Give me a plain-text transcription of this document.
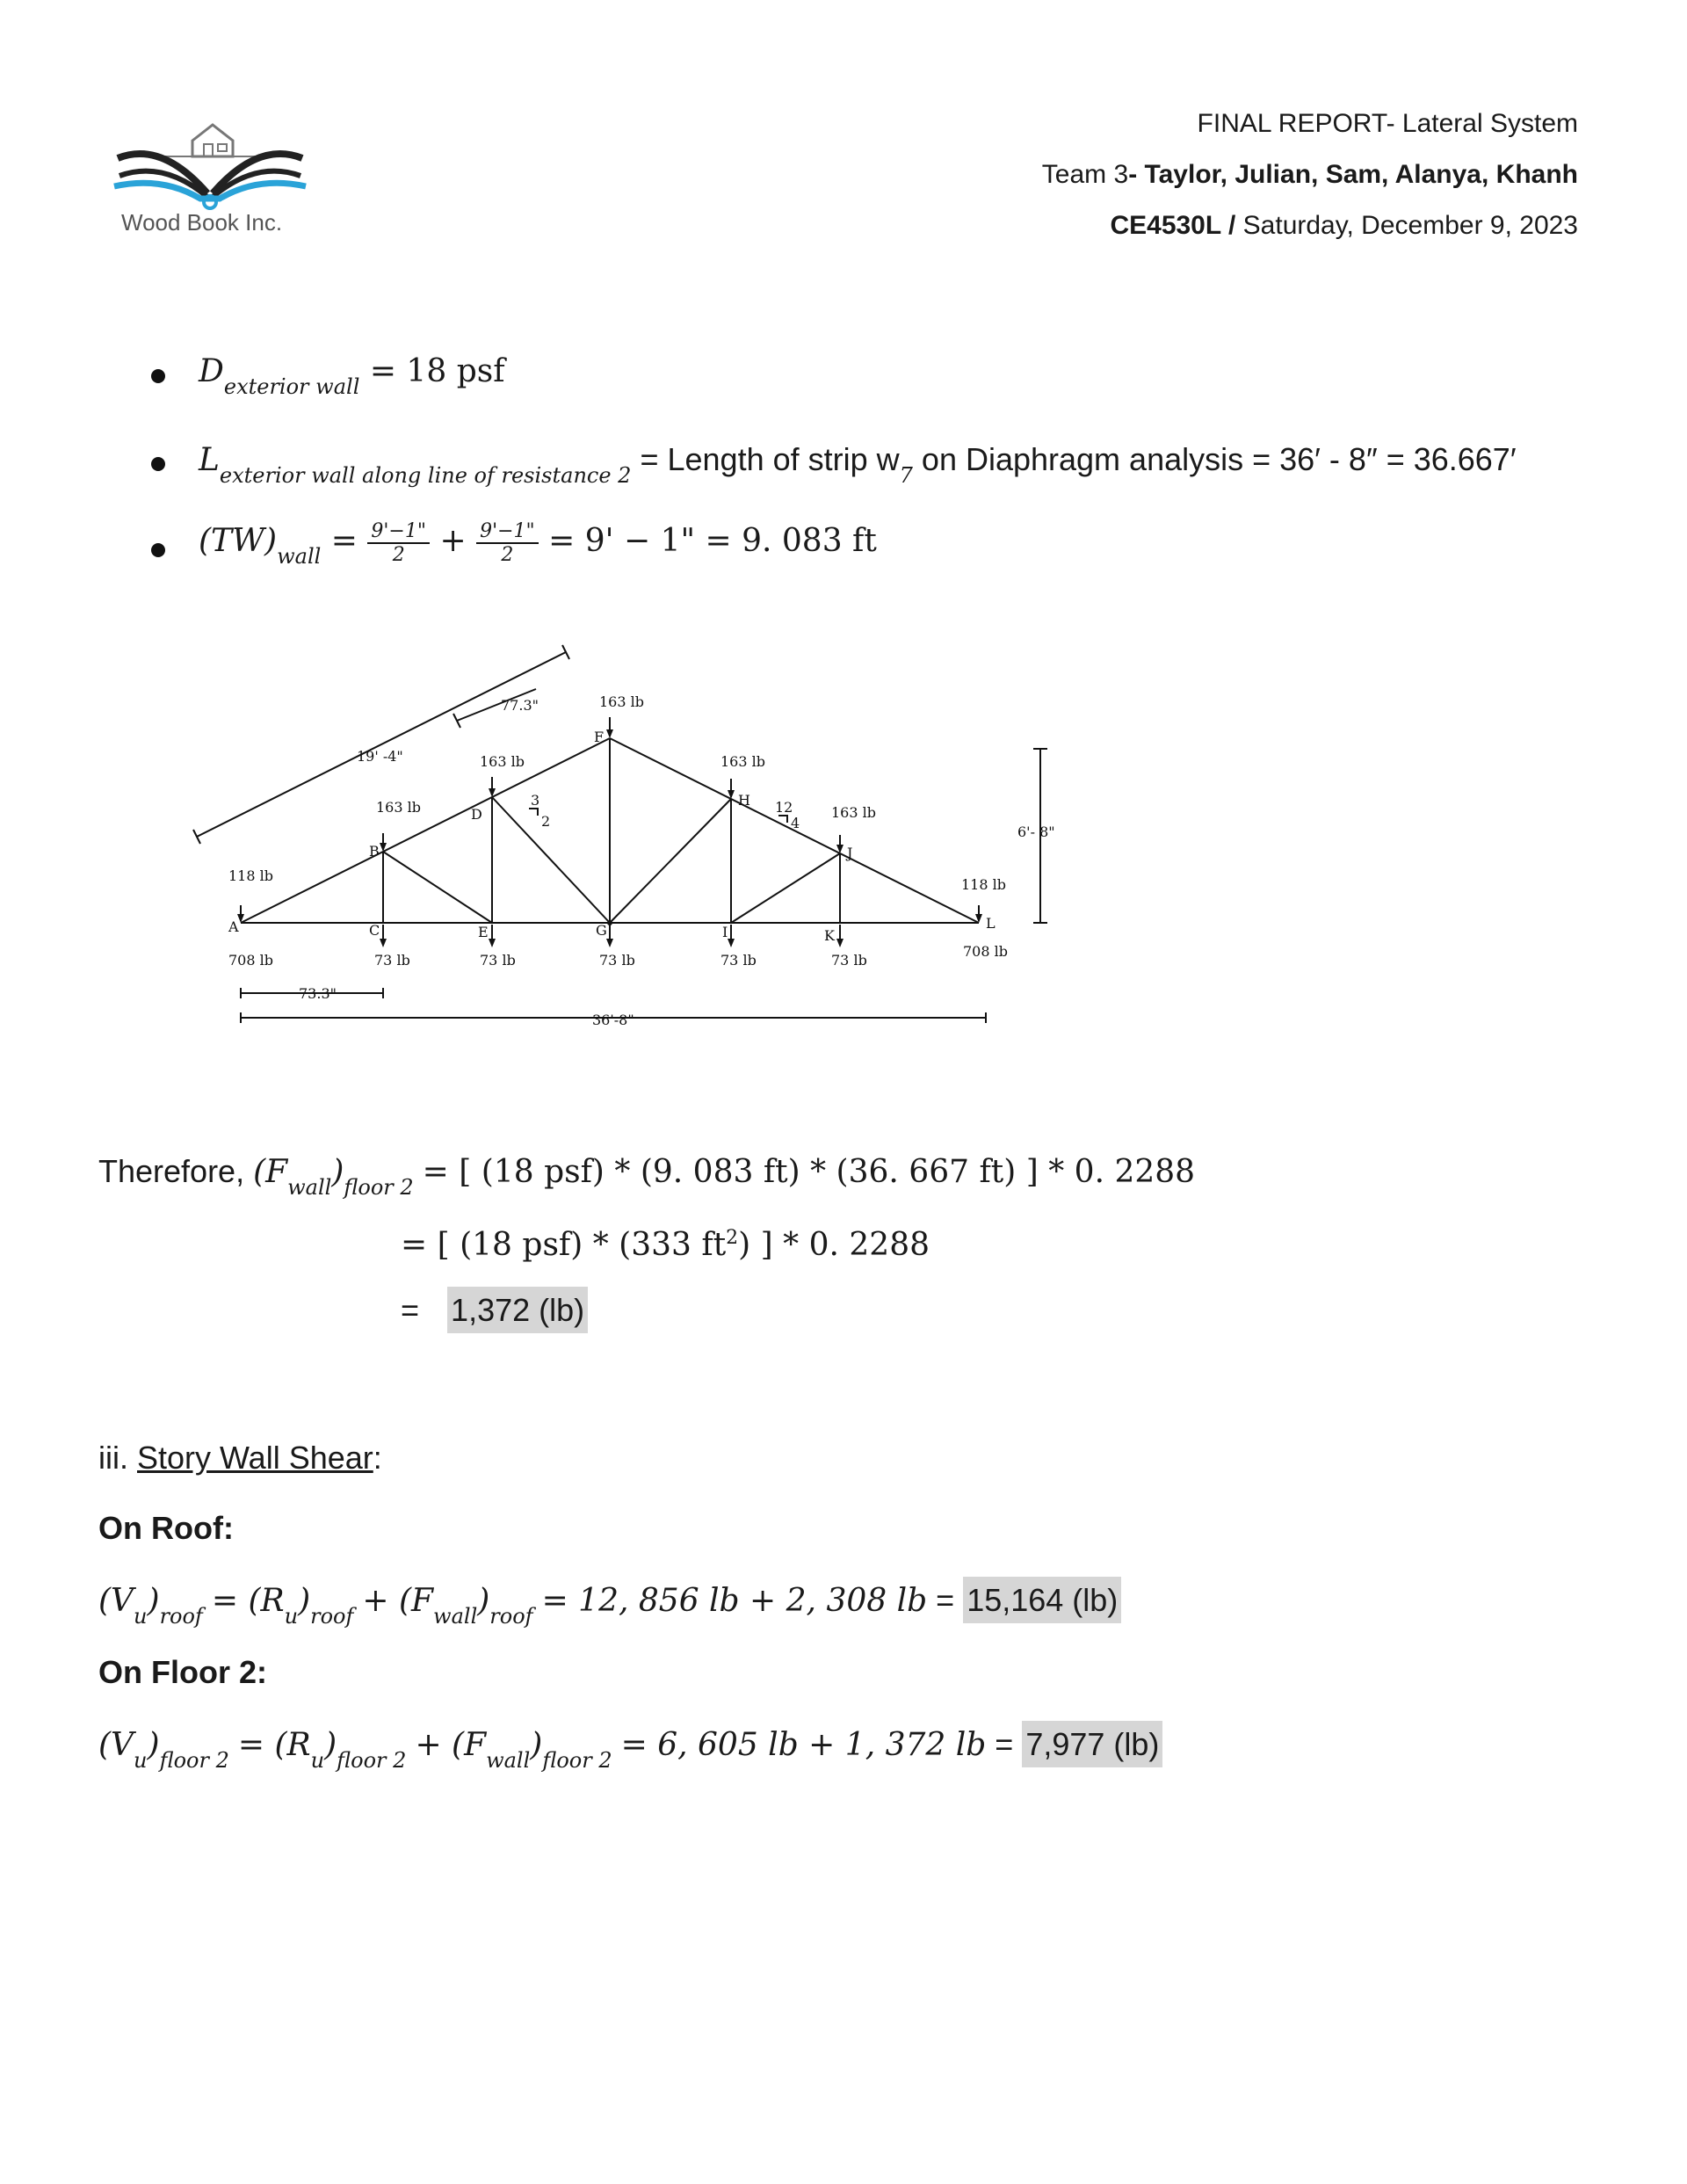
Wood Book Inc.
FINAL REPORT- Lateral System
Team 3- Taylor, Julian, Sam, Alanya, Khanh
CE4530L / Saturday, December 9, 2023
$D_{exterior wall} = 18$ psf
$L_{exterior wall along line of resistance 2}$ = Length of strip $w_7$ on Diaphragm analysis = 36′ - 8″ = 36.667′
$(TW)_{wall} = \frac{9'-1"}{2} + \frac{9'-1"}{2} = 9' - 1$" = 9. 083 ft
19' -4"
77.3"
73.3"
36'-8"
6'- 8"
3
2
12
4
A
B
C
D
E
F
G
H
I
J
K
L
118 lb
163 lb
163 lb
163 lb
163 lb
163 lb
118 lb
708 lb	73 lb	73 lb	73 lb	73 lb	73 lb
708 lb
Therefore, $(F_{wall})_{floor 2}$ = [ (18 psf) * (9. 083 ft) * (36. 667 ft) ] * 0. 2288
= [ (18 psf) * (333 $ft^2$) ] * 0. 2288
= 1,372 (lb)
iii. Story Wall Shear:
On Roof:
$(V_u)_{roof} = (R_u)_{roof} + (F_{wall})_{roof} = 12$, 856 lb + 2, 308 lb = 15,164 (lb)
On Floor 2:
$(V_u)_{floor 2} = (R_u)_{floor 2} + (F_{wall})_{floor 2} = 6$, 605 lb + 1, 372 lb = 7,977 (lb)
